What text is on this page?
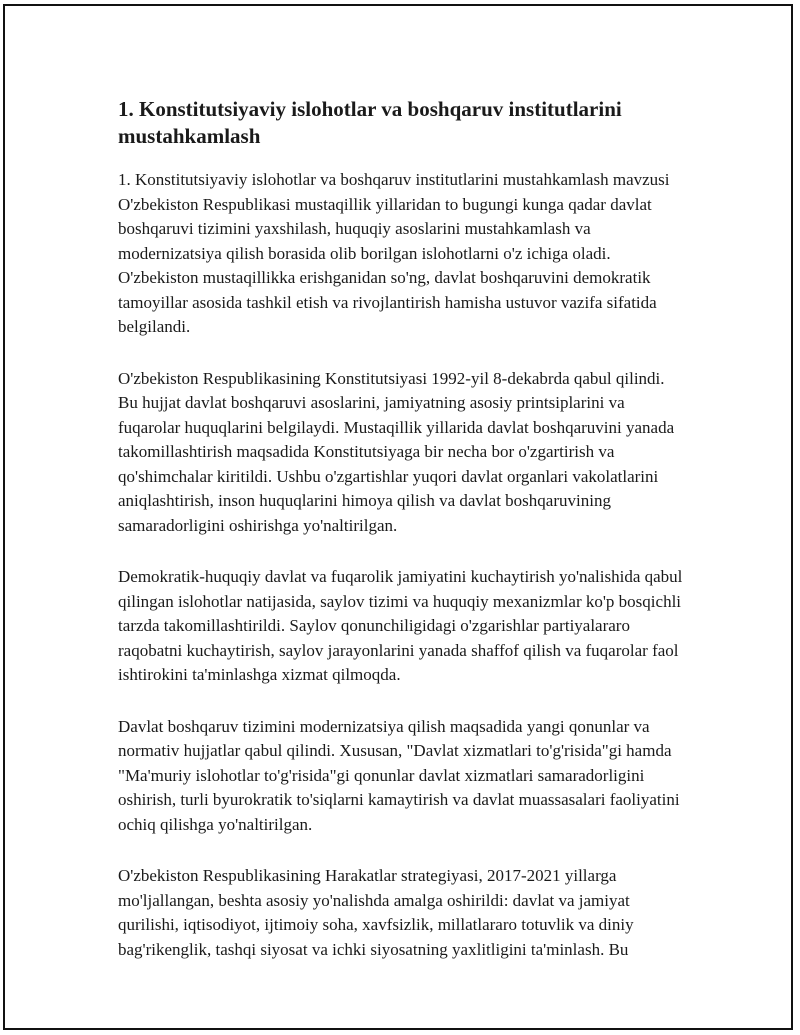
1. Konstitutsiyaviy islohotlar va boshqaruv institutlarini mustahkamlash

1. Konstitutsiyaviy islohotlar va boshqaruv institutlarini mustahkamlash mavzusi O'zbekiston Respublikasi mustaqillik yillaridan to bugungi kunga qadar davlat boshqaruvi tizimini yaxshilash, huquqiy asoslarini mustahkamlash va modernizatsiya qilish borasida olib borilgan islohotlarni o'z ichiga oladi. O'zbekiston mustaqillikka erishganidan so'ng, davlat boshqaruvini demokratik tamoyillar asosida tashkil etish va rivojlantirish hamisha ustuvor vazifa sifatida belgilandi.

O'zbekiston Respublikasining Konstitutsiyasi 1992-yil 8-dekabrda qabul qilindi. Bu hujjat davlat boshqaruvi asoslarini, jamiyatning asosiy printsiplarini va fuqarolar huquqlarini belgilaydi. Mustaqillik yillarida davlat boshqaruvini yanada takomillashtirish maqsadida Konstitutsiyaga bir necha bor o'zgartirish va qo'shimchalar kiritildi. Ushbu o'zgartishlar yuqori davlat organlari vakolatlarini aniqlashtirish, inson huquqlarini himoya qilish va davlat boshqaruvining samaradorligini oshirishga yo'naltirilgan.

Demokratik-huquqiy davlat va fuqarolik jamiyatini kuchaytirish yo'nalishida qabul qilingan islohotlar natijasida, saylov tizimi va huquqiy mexanizmlar ko'p bosqichli tarzda takomillashtirildi. Saylov qonunchiligidagi o'zgarishlar partiyalararo raqobatni kuchaytirish, saylov jarayonlarini yanada shaffof qilish va fuqarolar faol ishtirokini ta'minlashga xizmat qilmoqda.

Davlat boshqaruv tizimini modernizatsiya qilish maqsadida yangi qonunlar va normativ hujjatlar qabul qilindi. Xususan, "Davlat xizmatlari to'g'risida"gi hamda "Ma'muriy islohotlar to'g'risida"gi qonunlar davlat xizmatlari samaradorligini oshirish, turli byurokratik to'siqlarni kamaytirish va davlat muassasalari faoliyatini ochiq qilishga yo'naltirilgan.

O'zbekiston Respublikasining Harakatlar strategiyasi, 2017-2021 yillarga mo'ljallangan, beshta asosiy yo'nalishda amalga oshirildi: davlat va jamiyat qurilishi, iqtisodiyot, ijtimoiy soha, xavfsizlik, millatlararo totuvlik va diniy bag'rikenglik, tashqi siyosat va ichki siyosatning yaxlitligini ta'minlash. Bu
